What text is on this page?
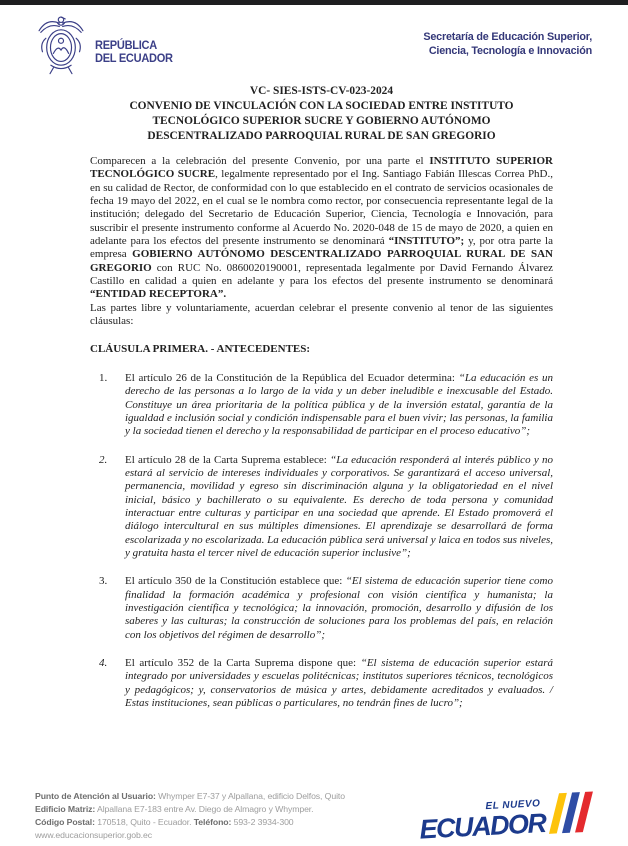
REPÚBLICA
DEL ECUADOR
Secretaría de Educación Superior,
Ciencia, Tecnología e Innovación
VC- SIES-ISTS-CV-023-2024
CONVENIO DE VINCULACIÓN CON LA SOCIEDAD ENTRE INSTITUTO
TECNOLÓGICO SUPERIOR SUCRE Y GOBIERNO AUTÓNOMO
DESCENTRALIZADO PARROQUIAL RURAL DE SAN GREGORIO
Comparecen a la celebración del presente Convenio, por una parte el INSTITUTO SUPERIOR TECNOLÓGICO SUCRE, legalmente representado por el Ing. Santiago Fabián Illescas Correa PhD., en su calidad de Rector, de conformidad con lo que establecido en el contrato de servicios ocasionales de fecha 19 mayo del 2022, en el cual se le nombra como rector, por consecuencia representante legal de la institución; delegado del Secretario de Educación Superior, Ciencia, Tecnología e Innovación, para suscribir el presente instrumento conforme al Acuerdo No. 2020-048 de 15 de mayo de 2020, a quien en adelante para los efectos del presente instrumento se denominará “INSTITUTO”; y, por otra parte la empresa GOBIERNO AUTÓNOMO DESCENTRALIZADO PARROQUIAL RURAL DE SAN GREGORIO con RUC No. 0860020190001, representada legalmente por David Fernando Álvarez Castillo en calidad a quien en adelante y para los efectos del presente instrumento se denominará “ENTIDAD RECEPTORA”.
Las partes libre y voluntariamente, acuerdan celebrar el presente convenio al tenor de las siguientes cláusulas:
CLÁUSULA PRIMERA. - ANTECEDENTES:
1.	El artículo 26 de la Constitución de la República del Ecuador determina: “La educación es un derecho de las personas a lo largo de la vida y un deber ineludible e inexcusable del Estado. Constituye un área prioritaria de la política pública y de la inversión estatal, garantía de la igualdad e inclusión social y condición indispensable para el buen vivir; las personas, la familia y la sociedad tienen el derecho y la responsabilidad de participar en el proceso educativo”;
2.	El artículo 28 de la Carta Suprema establece: “La educación responderá al interés público y no estará al servicio de intereses individuales y corporativos. Se garantizará el acceso universal, permanencia, movilidad y egreso sin discriminación alguna y la obligatoriedad en el nivel inicial, básico y bachillerato o su equivalente. Es derecho de toda persona y comunidad interactuar entre culturas y participar en una sociedad que aprende. El Estado promoverá el diálogo intercultural en sus múltiples dimensiones. El aprendizaje se desarrollará de forma escolarizada y no escolarizada. La educación pública será universal y laica en todos sus niveles, y gratuita hasta el tercer nivel de educación superior inclusive”;
3.	El artículo 350 de la Constitución establece que: “El sistema de educación superior tiene como finalidad la formación académica y profesional con visión científica y humanista; la investigación científica y tecnológica; la innovación, promoción, desarrollo y difusión de los saberes y las culturas; la construcción de soluciones para los problemas del país, en relación con los objetivos del régimen de desarrollo”;
4.	El artículo 352 de la Carta Suprema dispone que: “El sistema de educación superior estará integrado por universidades y escuelas politécnicas; institutos superiores técnicos, tecnológicos y pedagógicos; y, conservatorios de música y artes, debidamente acreditados y evaluados. / Estas instituciones, sean públicas o particulares, no tendrán fines de lucro”;
Punto de Atención al Usuario: Whymper E7-37 y Alpallana, edificio Delfos, Quito
Edificio Matriz: Alpallana E7-183 entre Av. Diego de Almagro y Whymper.
Código Postal: 170518, Quito - Ecuador. Teléfono: 593-2 3934-300
www.educacionsuperior.gob.ec
EL NUEVO
ECUADOR
